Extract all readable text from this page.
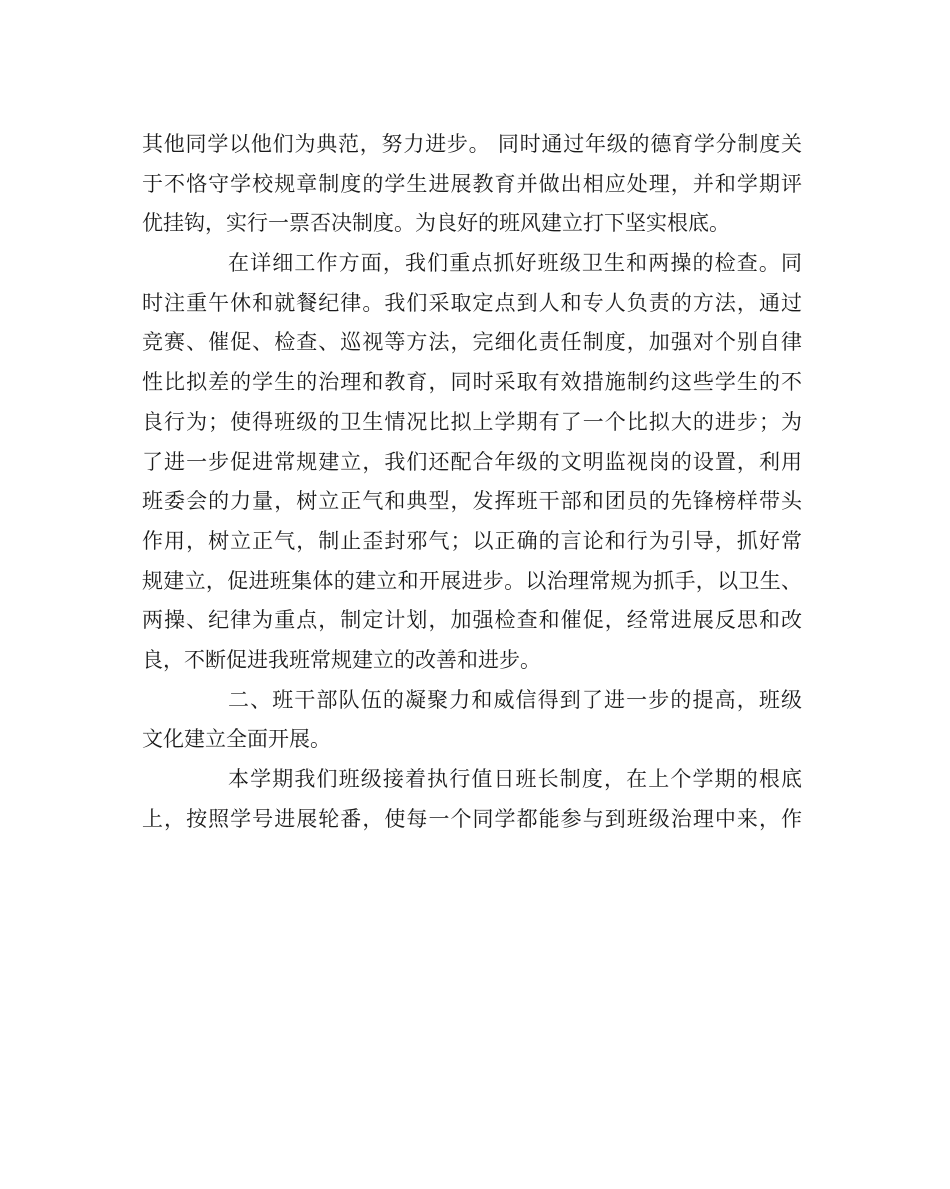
其他同学以他们为典范，努力进步。 同时通过年级的德育学分制度关
于不恪守学校规章制度的学生进展教育并做出相应处理，并和学期评
优挂钩，实行一票否决制度。为良好的班风建立打下坚实根底。
在详细工作方面，我们重点抓好班级卫生和两操的检查。同
时注重午休和就餐纪律。我们采取定点到人和专人负责的方法，通过
竞赛、催促、检查、巡视等方法，完细化责任制度，加强对个别自律
性比拟差的学生的治理和教育，同时采取有效措施制约这些学生的不
良行为；使得班级的卫生情况比拟上学期有了一个比拟大的进步；为
了进一步促进常规建立，我们还配合年级的文明监视岗的设置，利用
班委会的力量，树立正气和典型，发挥班干部和团员的先锋榜样带头
作用，树立正气，制止歪封邪气；以正确的言论和行为引导，抓好常
规建立，促进班集体的建立和开展进步。以治理常规为抓手，以卫生、
两操、纪律为重点，制定计划，加强检查和催促，经常进展反思和改
良，不断促进我班常规建立的改善和进步。
二、班干部队伍的凝聚力和威信得到了进一步的提高，班级
文化建立全面开展。
本学期我们班级接着执行值日班长制度，在上个学期的根底
上，按照学号进展轮番，使每一个同学都能参与到班级治理中来，作
